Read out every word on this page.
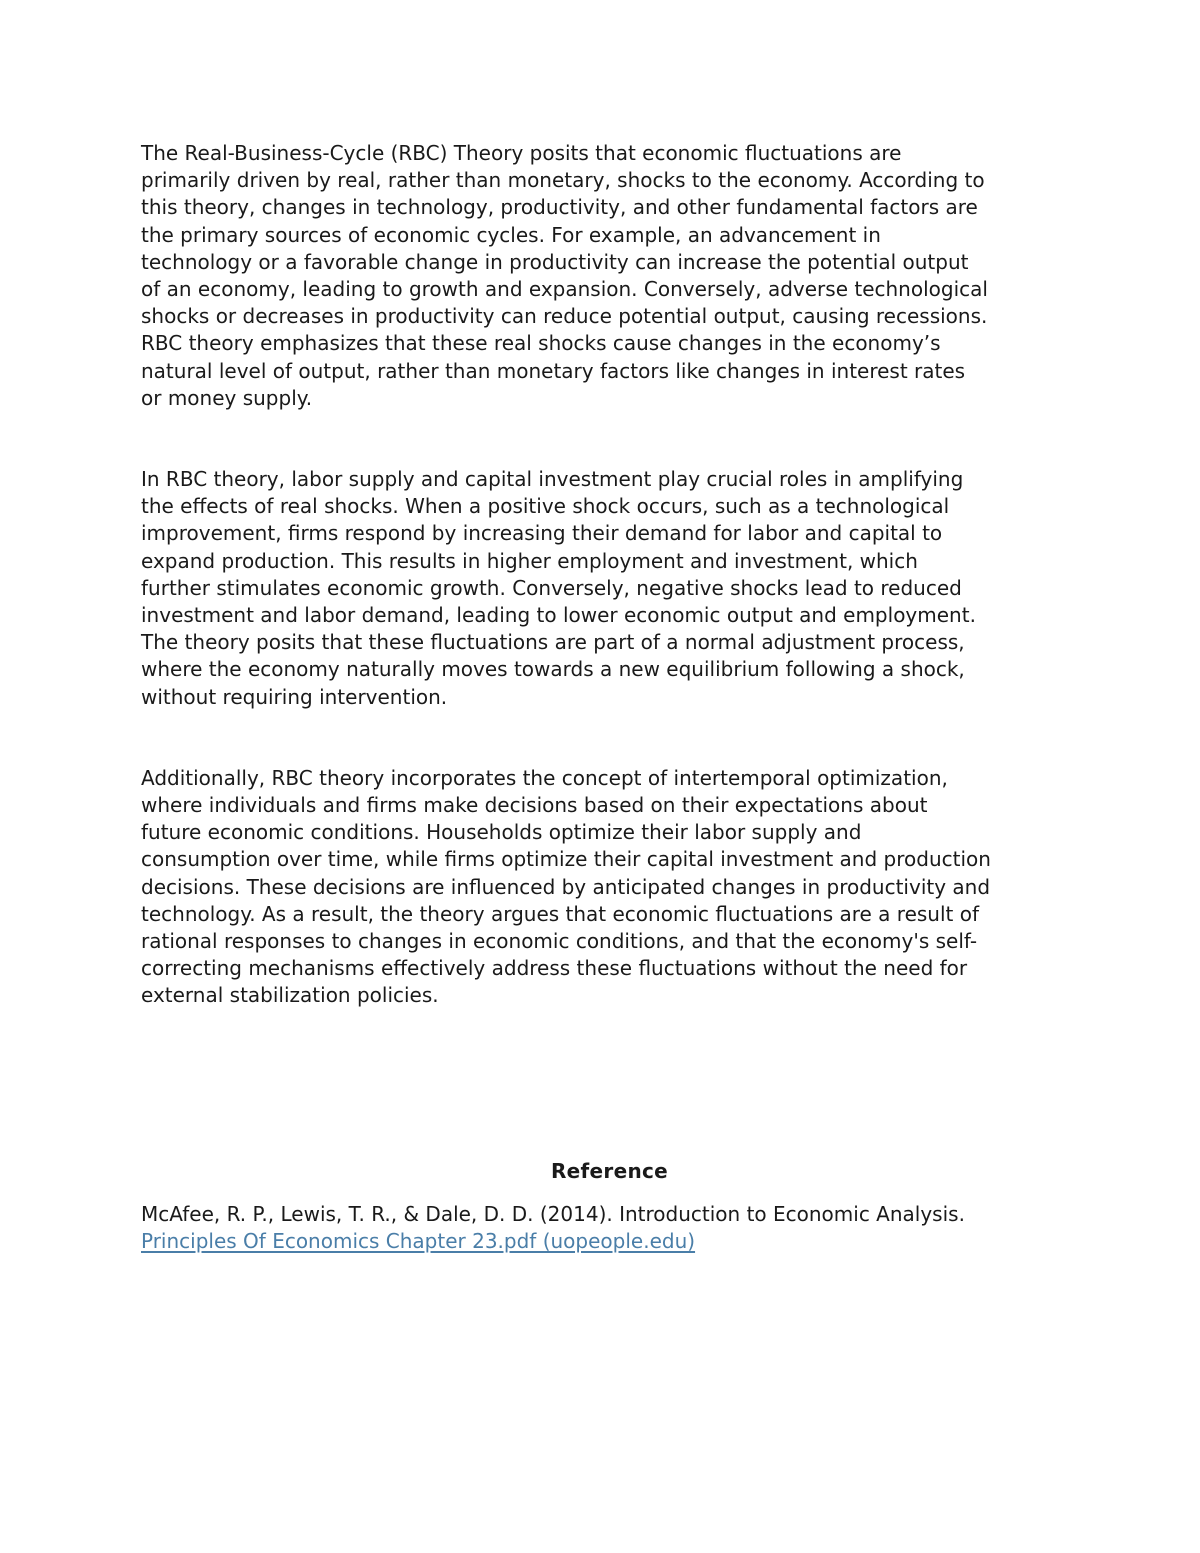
The Real-Business-Cycle (RBC) Theory posits that economic fluctuations are
primarily driven by real, rather than monetary, shocks to the economy. According to
this theory, changes in technology, productivity, and other fundamental factors are
the primary sources of economic cycles. For example, an advancement in
technology or a favorable change in productivity can increase the potential output
of an economy, leading to growth and expansion. Conversely, adverse technological
shocks or decreases in productivity can reduce potential output, causing recessions.
RBC theory emphasizes that these real shocks cause changes in the economy’s
natural level of output, rather than monetary factors like changes in interest rates
or money supply.

In RBC theory, labor supply and capital investment play crucial roles in amplifying
the effects of real shocks. When a positive shock occurs, such as a technological
improvement, firms respond by increasing their demand for labor and capital to
expand production. This results in higher employment and investment, which
further stimulates economic growth. Conversely, negative shocks lead to reduced
investment and labor demand, leading to lower economic output and employment.
The theory posits that these fluctuations are part of a normal adjustment process,
where the economy naturally moves towards a new equilibrium following a shock,
without requiring intervention.

Additionally, RBC theory incorporates the concept of intertemporal optimization,
where individuals and firms make decisions based on their expectations about
future economic conditions. Households optimize their labor supply and
consumption over time, while firms optimize their capital investment and production
decisions. These decisions are influenced by anticipated changes in productivity and
technology. As a result, the theory argues that economic fluctuations are a result of
rational responses to changes in economic conditions, and that the economy's self-
correcting mechanisms effectively address these fluctuations without the need for
external stabilization policies.

Reference

McAfee, R. P., Lewis, T. R., & Dale, D. D. (2014). Introduction to Economic Analysis.

Principles Of Economics Chapter 23.pdf (uopeople.edu)
